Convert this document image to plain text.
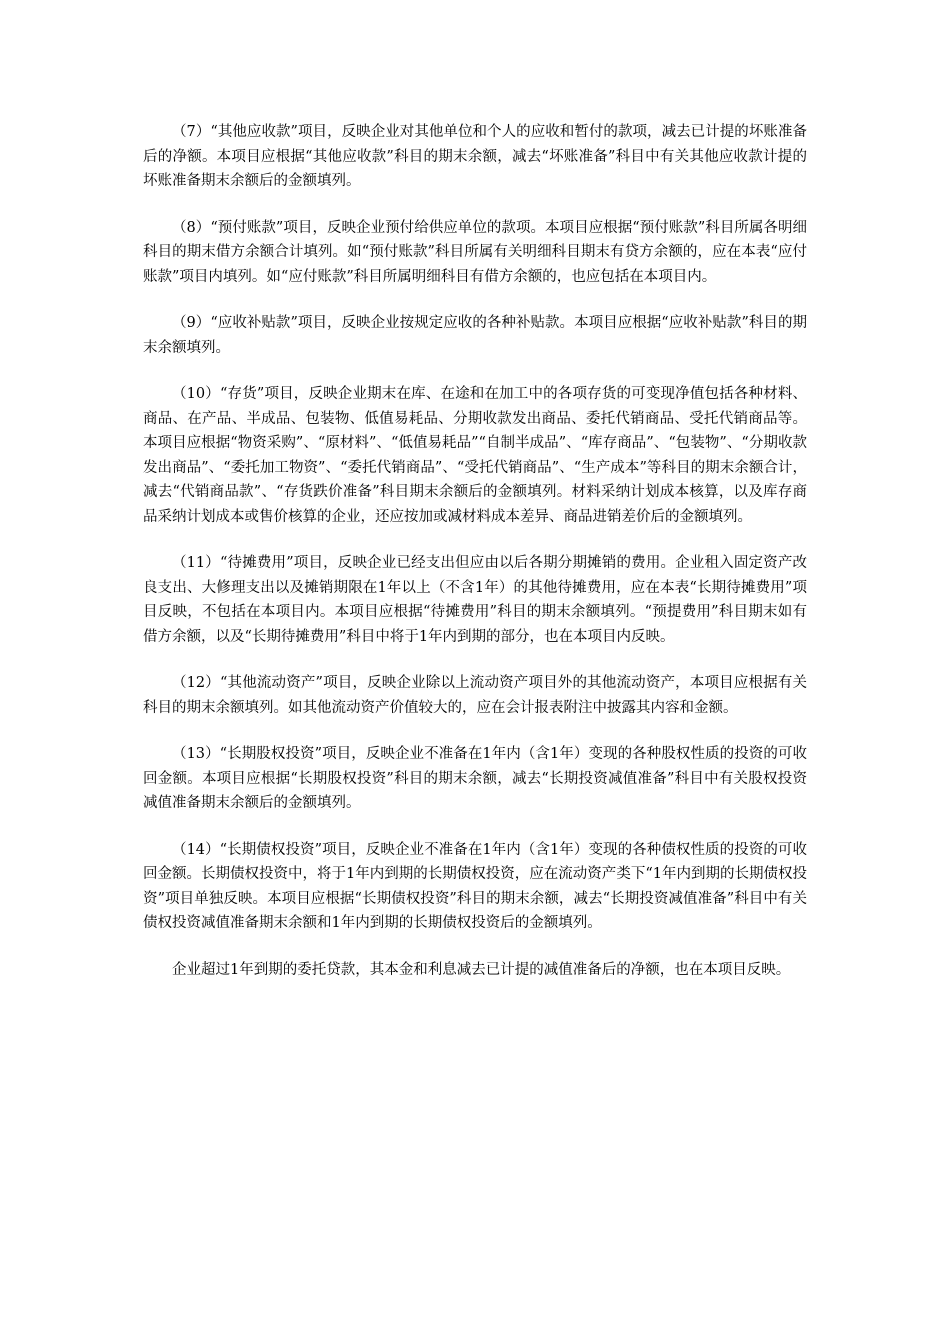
（7）“其他应收款”项目，反映企业对其他单位和个人的应收和暂付的款项，减去已计提的坏账准备后的净额。本项目应根据“其他应收款”科目的期末余额，减去“坏账准备”科目中有关其他应收款计提的坏账准备期末余额后的金额填列。

（8）“预付账款”项目，反映企业预付给供应单位的款项。本项目应根据“预付账款”科目所属各明细科目的期末借方余额合计填列。如“预付账款”科目所属有关明细科目期末有贷方余额的，应在本表“应付账款”项目内填列。如“应付账款”科目所属明细科目有借方余额的，也应包括在本项目内。

（9）“应收补贴款”项目，反映企业按规定应收的各种补贴款。本项目应根据“应收补贴款”科目的期末余额填列。

（10）“存货”项目，反映企业期末在库、在途和在加工中的各项存货的可变现净值包括各种材料、商品、在产品、半成品、包装物、低值易耗品、分期收款发出商品、委托代销商品、受托代销商品等。本项目应根据“物资采购”、“原材料”、“低值易耗品”“自制半成品”、“库存商品”、“包装物”、“分期收款发出商品”、“委托加工物资”、“委托代销商品”、“受托代销商品”、“生产成本”等科目的期末余额合计，减去“代销商品款”、“存货跌价准备”科目期末余额后的金额填列。材料采纳计划成本核算，以及库存商品采纳计划成本或售价核算的企业，还应按加或减材料成本差异、商品进销差价后的金额填列。

（11）“待摊费用”项目，反映企业已经支出但应由以后各期分期摊销的费用。企业租入固定资产改良支出、大修理支出以及摊销期限在1年以上（不含1年）的其他待摊费用，应在本表“长期待摊费用”项目反映，不包括在本项目内。本项目应根据“待摊费用”科目的期末余额填列。“预提费用”科目期末如有借方余额，以及“长期待摊费用”科目中将于1年内到期的部分，也在本项目内反映。

（12）“其他流动资产”项目，反映企业除以上流动资产项目外的其他流动资产，本项目应根据有关科目的期末余额填列。如其他流动资产价值较大的，应在会计报表附注中披露其内容和金额。

（13）“长期股权投资”项目，反映企业不准备在1年内（含1年）变现的各种股权性质的投资的可收回金额。本项目应根据“长期股权投资”科目的期末余额，减去“长期投资减值准备”科目中有关股权投资减值准备期末余额后的金额填列。

（14）“长期债权投资”项目，反映企业不准备在1年内（含1年）变现的各种债权性质的投资的可收回金额。长期债权投资中，将于1年内到期的长期债权投资，应在流动资产类下“1年内到期的长期债权投资”项目单独反映。本项目应根据“长期债权投资”科目的期末余额，减去“长期投资减值准备”科目中有关债权投资减值准备期末余额和1年内到期的长期债权投资后的金额填列。

企业超过1年到期的委托贷款，其本金和利息减去已计提的减值准备后的净额，也在本项目反映。
